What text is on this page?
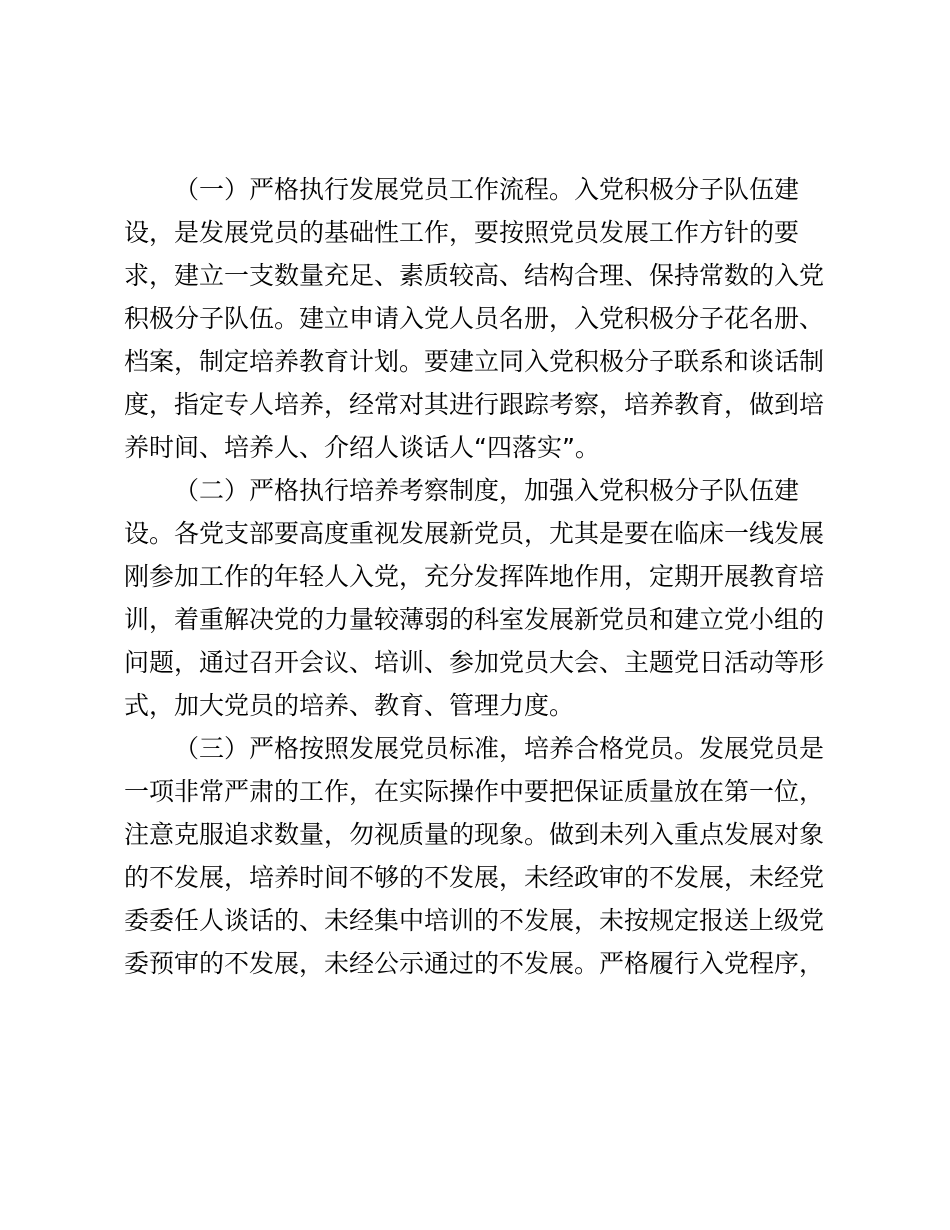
（一）严格执行发展党员工作流程。入党积极分子队伍建
设，是发展党员的基础性工作，要按照党员发展工作方针的要
求，建立一支数量充足、素质较高、结构合理、保持常数的入党
积极分子队伍。建立申请入党人员名册，入党积极分子花名册、
档案，制定培养教育计划。要建立同入党积极分子联系和谈话制
度，指定专人培养，经常对其进行跟踪考察，培养教育，做到培
养时间、培养人、介绍人谈话人“四落实”。
（二）严格执行培养考察制度，加强入党积极分子队伍建
设。各党支部要高度重视发展新党员，尤其是要在临床一线发展
刚参加工作的年轻人入党，充分发挥阵地作用，定期开展教育培
训，着重解决党的力量较薄弱的科室发展新党员和建立党小组的
问题，通过召开会议、培训、参加党员大会、主题党日活动等形
式，加大党员的培养、教育、管理力度。
（三）严格按照发展党员标准，培养合格党员。发展党员是
一项非常严肃的工作，在实际操作中要把保证质量放在第一位，
注意克服追求数量，勿视质量的现象。做到未列入重点发展对象
的不发展，培养时间不够的不发展，未经政审的不发展，未经党
委委任人谈话的、未经集中培训的不发展，未按规定报送上级党
委预审的不发展，未经公示通过的不发展。严格履行入党程序，
